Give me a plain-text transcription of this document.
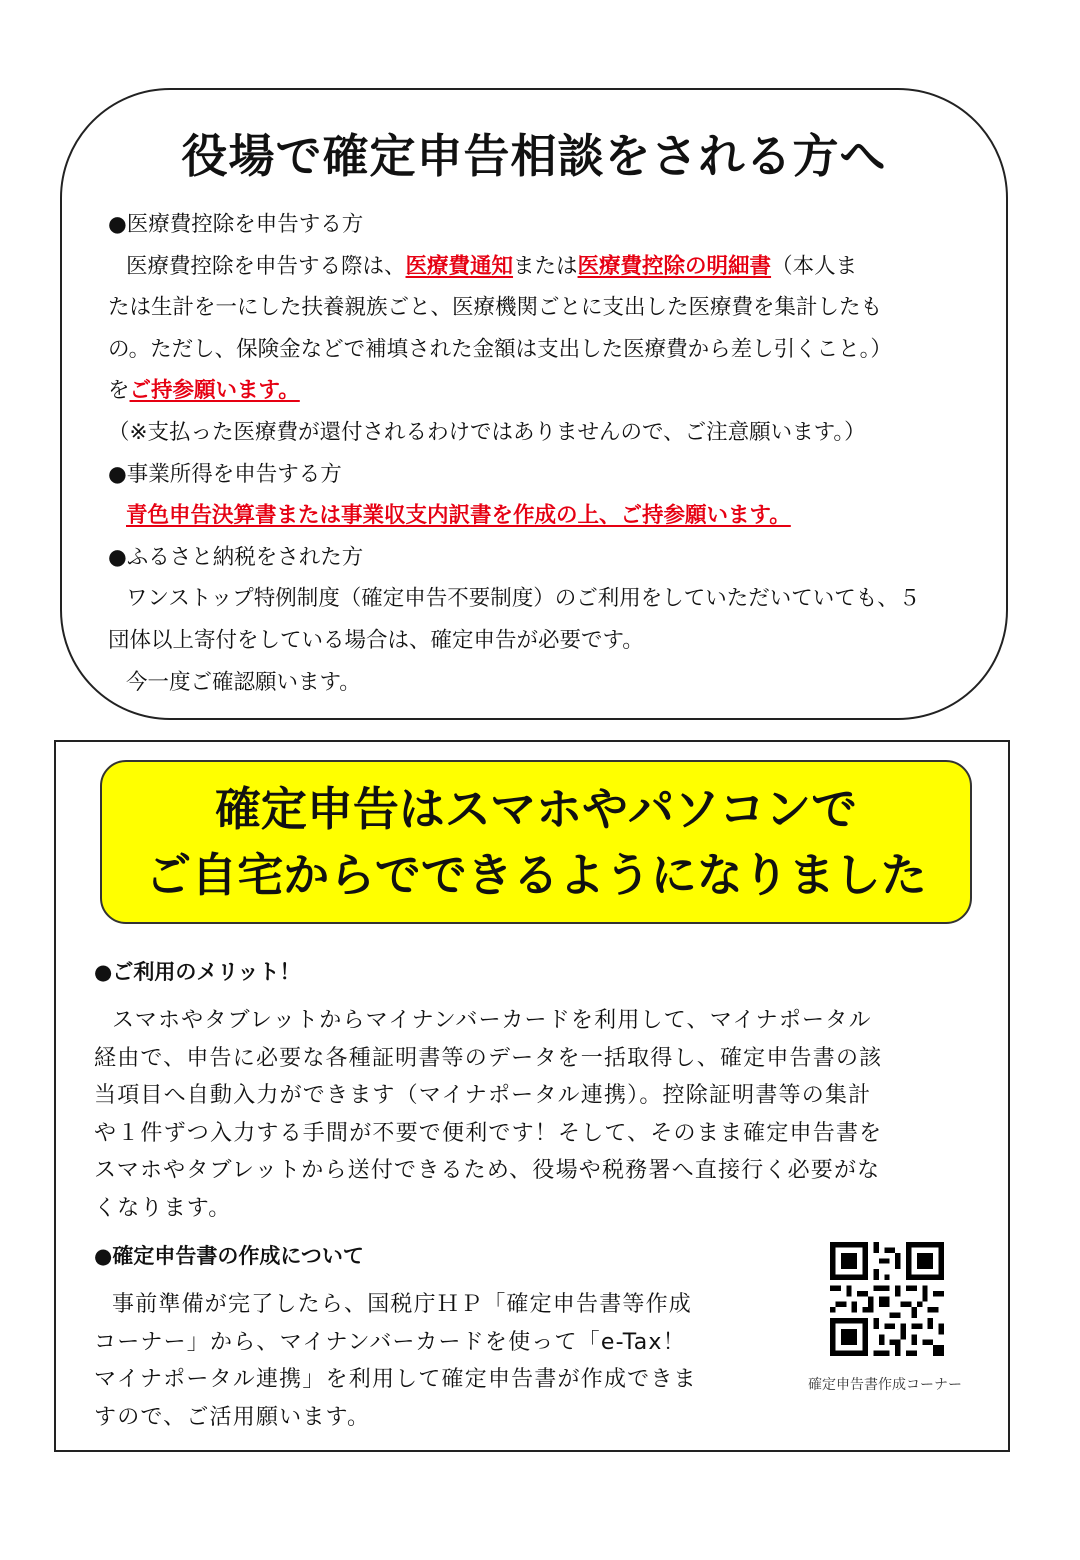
役場で確定申告相談をされる方へ
●医療費控除を申告する方
医療費控除を申告する際は、医療費通知または医療費控除の明細書（本人ま
たは生計を一にした扶養親族ごと、医療機関ごとに支出した医療費を集計したも
の。ただし、保険金などで補填された金額は支出した医療費から差し引くこと。）
をご持参願います。
（※支払った医療費が還付されるわけではありませんので、ご注意願います。）
●事業所得を申告する方
青色申告決算書または事業収支内訳書を作成の上、ご持参願います。
●ふるさと納税をされた方
ワンストップ特例制度（確定申告不要制度）のご利用をしていただいていても、５
団体以上寄付をしている場合は、確定申告が必要です。
今一度ご確認願います。
確定申告はスマホやパソコンで
ご自宅からでできるようになりました
●ご利用のメリット！
スマホやタブレットからマイナンバーカードを利用して、マイナポータル
経由で、申告に必要な各種証明書等のデータを一括取得し、確定申告書の該
当項目へ自動入力ができます（マイナポータル連携）。控除証明書等の集計
や１件ずつ入力する手間が不要で便利です！そして、そのまま確定申告書を
スマホやタブレットから送付できるため、役場や税務署へ直接行く必要がな
くなります。
●確定申告書の作成について
事前準備が完了したら、国税庁ＨＰ「確定申告書等作成
コーナー」から、マイナンバーカードを使って「e-Tax！
マイナポータル連携」を利用して確定申告書が作成できま
すので、ご活用願います。
確定申告書作成コーナー
